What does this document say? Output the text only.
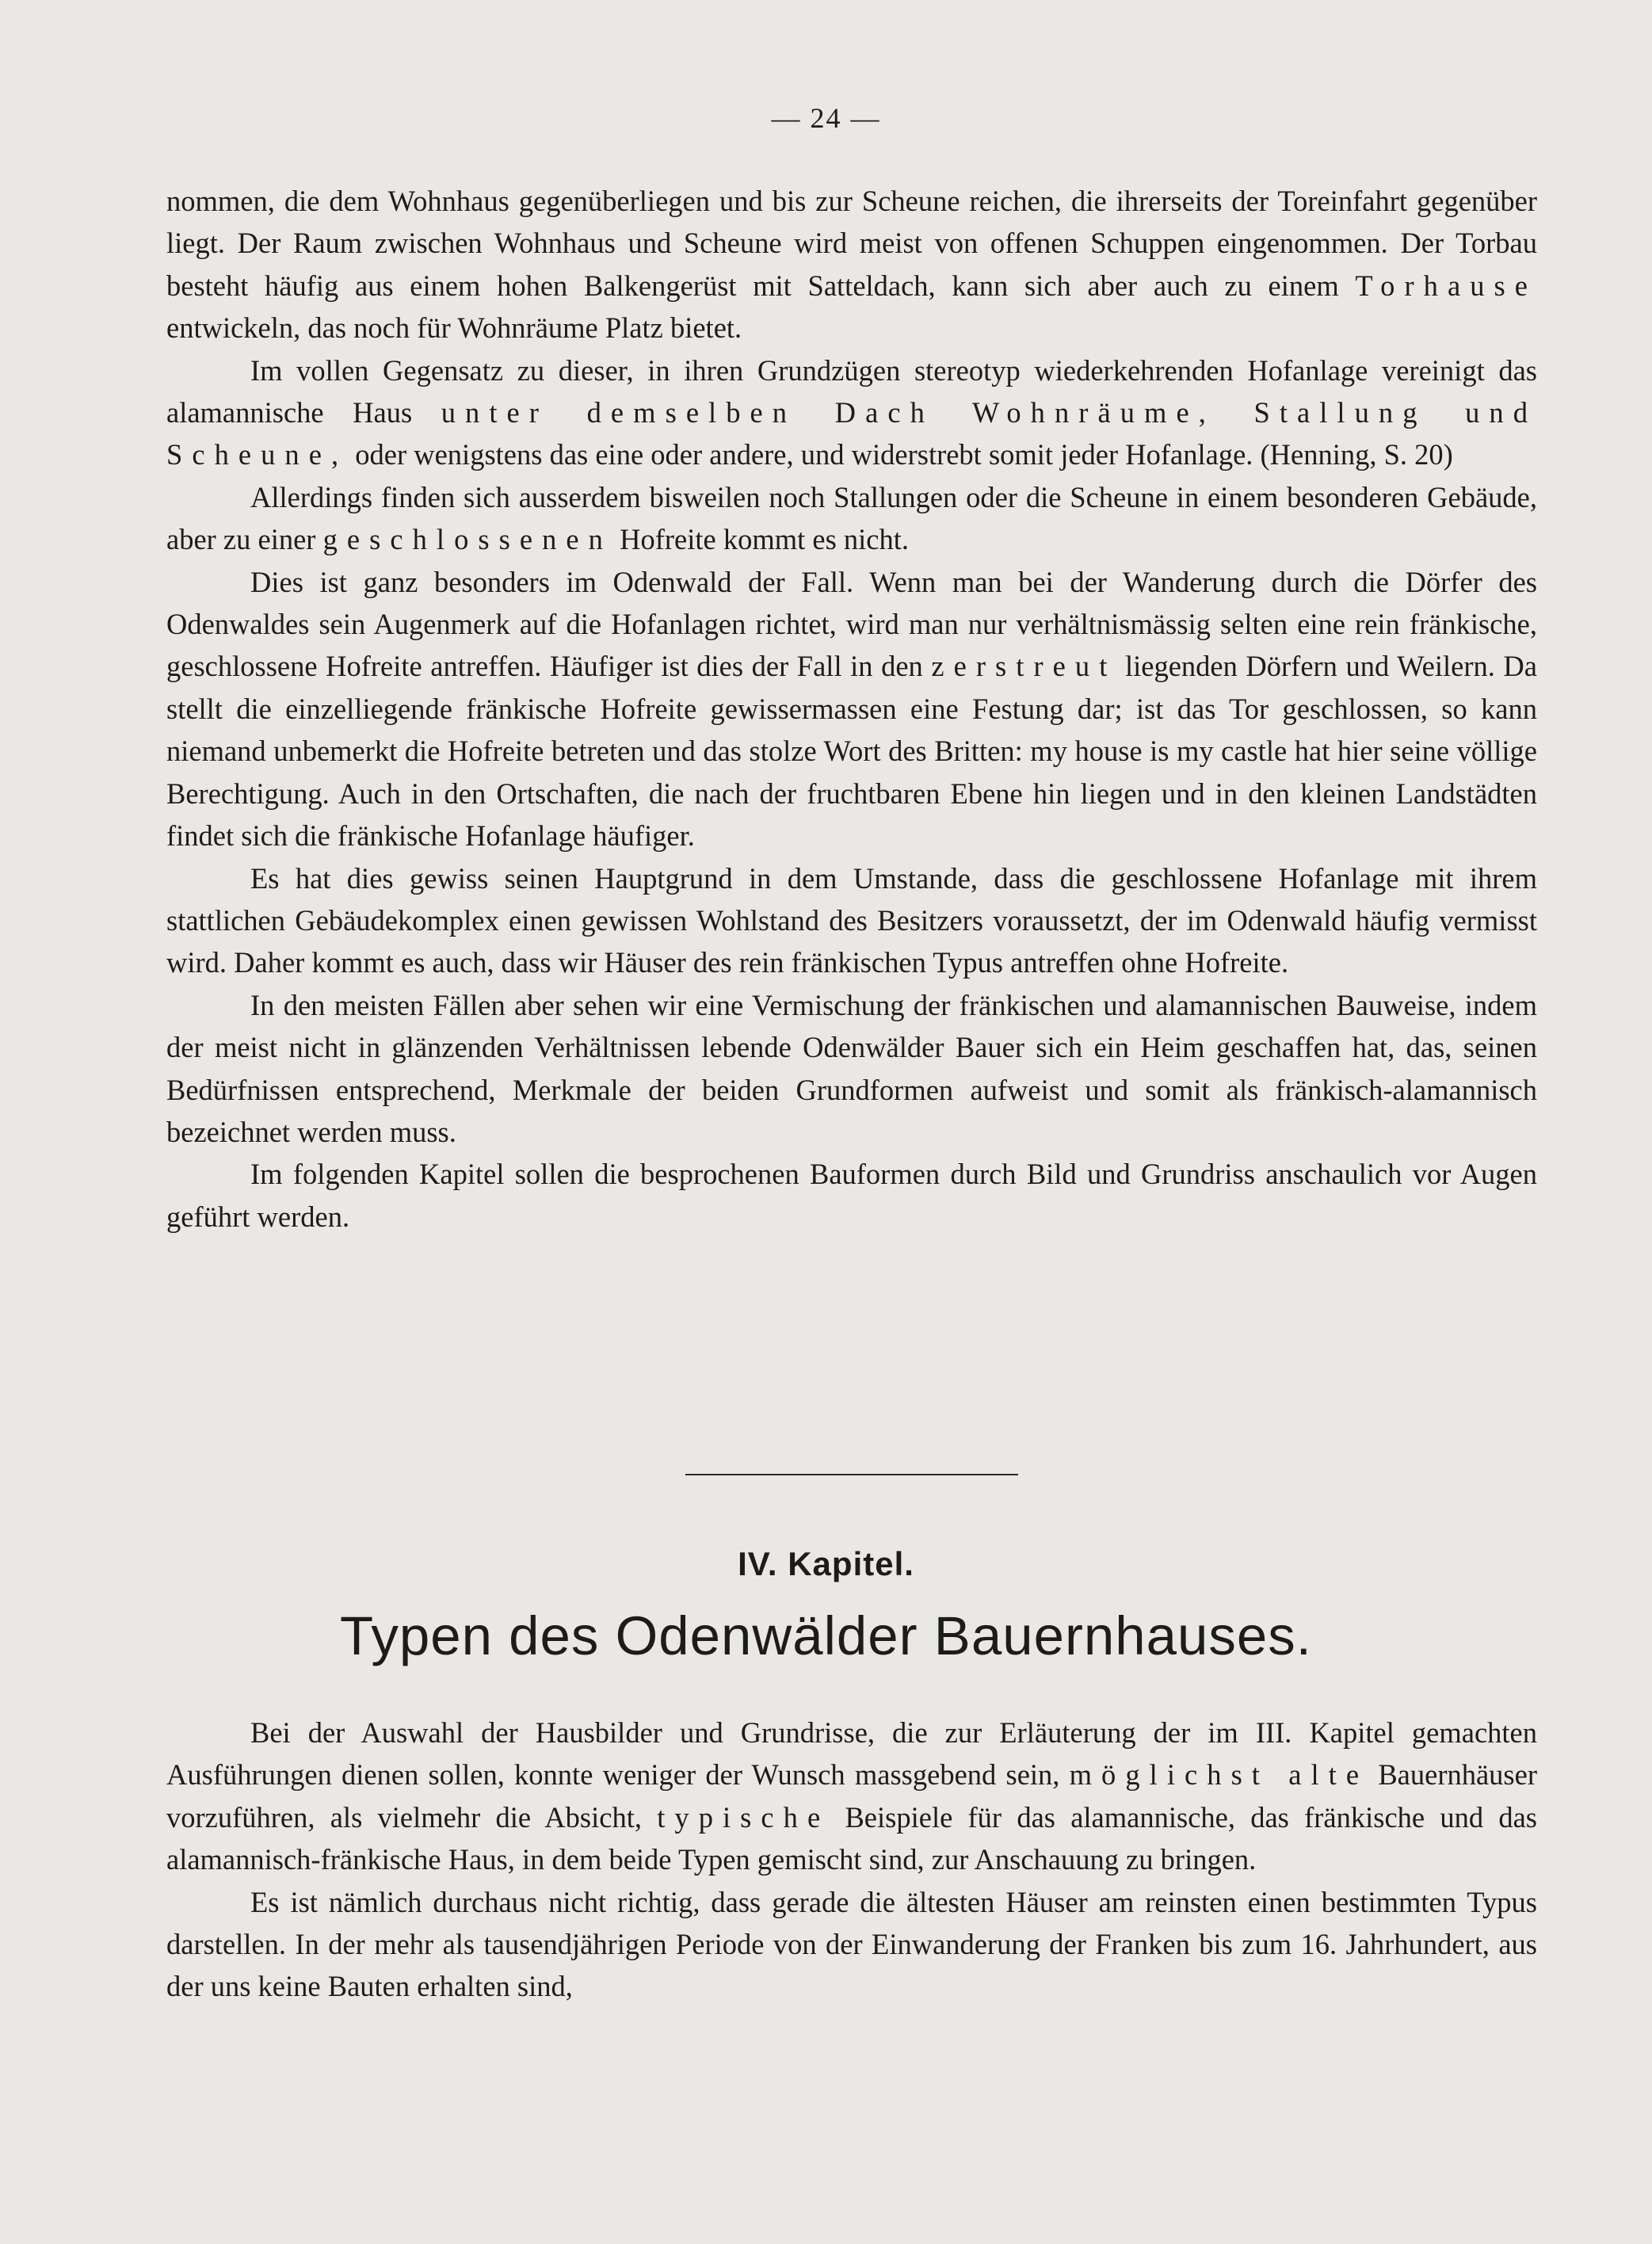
— 24 —

nommen, die dem Wohnhaus gegenüberliegen und bis zur Scheune reichen, die ihrerseits der Toreinfahrt gegenüber liegt. Der Raum zwischen Wohnhaus und Scheune wird meist von offenen Schuppen eingenommen. Der Torbau besteht häufig aus einem hohen Balkengerüst mit Satteldach, kann sich aber auch zu einem Torhause entwickeln, das noch für Wohnräume Platz bietet.

Im vollen Gegensatz zu dieser, in ihren Grundzügen stereotyp wiederkehrenden Hofanlage vereinigt das alamannische Haus unter demselben Dach Wohnräume, Stallung und Scheune, oder wenigstens das eine oder andere, und widerstrebt somit jeder Hofanlage. (Henning, S. 20)

Allerdings finden sich ausserdem bisweilen noch Stallungen oder die Scheune in einem besonderen Gebäude, aber zu einer geschlossenen Hofreite kommt es nicht.

Dies ist ganz besonders im Odenwald der Fall. Wenn man bei der Wanderung durch die Dörfer des Odenwaldes sein Augenmerk auf die Hofanlagen richtet, wird man nur verhältnismässig selten eine rein fränkische, geschlossene Hofreite antreffen. Häufiger ist dies der Fall in den zerstreut liegenden Dörfern und Weilern. Da stellt die einzelliegende fränkische Hofreite gewissermassen eine Festung dar; ist das Tor geschlossen, so kann niemand unbemerkt die Hofreite betreten und das stolze Wort des Britten: my house is my castle hat hier seine völlige Berechtigung. Auch in den Ortschaften, die nach der fruchtbaren Ebene hin liegen und in den kleinen Landstädten findet sich die fränkische Hofanlage häufiger.

Es hat dies gewiss seinen Hauptgrund in dem Umstande, dass die geschlossene Hofanlage mit ihrem stattlichen Gebäudekomplex einen gewissen Wohlstand des Besitzers voraussetzt, der im Odenwald häufig vermisst wird. Daher kommt es auch, dass wir Häuser des rein fränkischen Typus antreffen ohne Hofreite.

In den meisten Fällen aber sehen wir eine Vermischung der fränkischen und alamannischen Bauweise, indem der meist nicht in glänzenden Verhältnissen lebende Odenwälder Bauer sich ein Heim geschaffen hat, das, seinen Bedürfnissen entsprechend, Merkmale der beiden Grundformen aufweist und somit als fränkisch-alamannisch bezeichnet werden muss.

Im folgenden Kapitel sollen die besprochenen Bauformen durch Bild und Grundriss anschaulich vor Augen geführt werden.

IV. Kapitel.
Typen des Odenwälder Bauernhauses.

Bei der Auswahl der Hausbilder und Grundrisse, die zur Erläuterung der im III. Kapitel gemachten Ausführungen dienen sollen, konnte weniger der Wunsch massgebend sein, möglichst alte Bauernhäuser vorzuführen, als vielmehr die Absicht, typische Beispiele für das alamannische, das fränkische und das alamannisch-fränkische Haus, in dem beide Typen gemischt sind, zur Anschauung zu bringen.

Es ist nämlich durchaus nicht richtig, dass gerade die ältesten Häuser am reinsten einen bestimmten Typus darstellen. In der mehr als tausendjährigen Periode von der Einwanderung der Franken bis zum 16. Jahrhundert, aus der uns keine Bauten erhalten sind,
